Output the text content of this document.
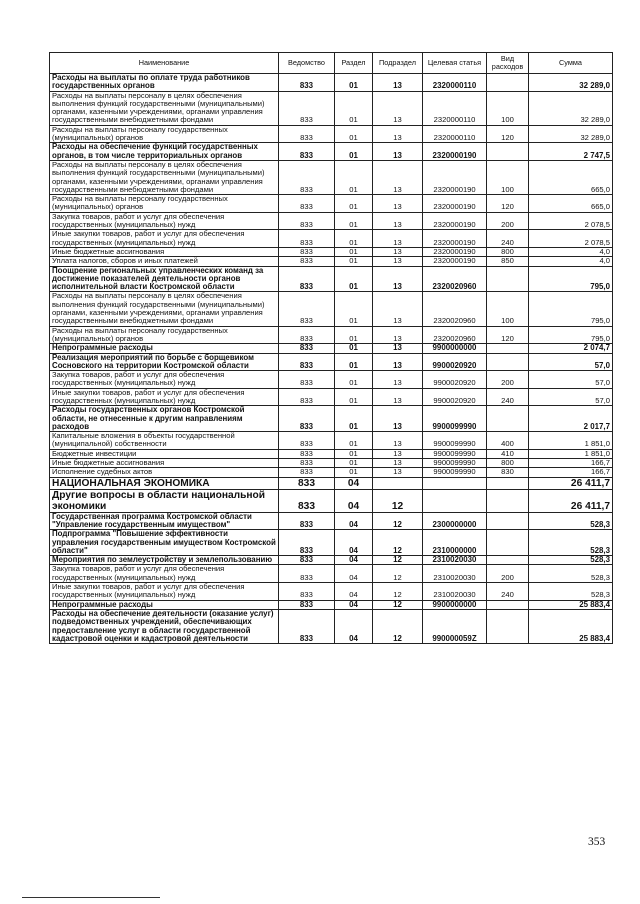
Наименование	Ведомство	Раздел	Подраздел	Целевая статья	Вид расходов	Сумма
Расходы на выплаты по оплате труда работников государственных органов	833	01	13	2320000110		32 289,0
Расходы на выплаты персоналу в целях обеспечения выполнения функций государственными (муниципальными) органами, казенными учреждениями, органами управления государственными внебюджетными фондами	833	01	13	2320000110	100	32 289,0
Расходы на выплаты персоналу государственных (муниципальных) органов	833	01	13	2320000110	120	32 289,0
Расходы на обеспечение функций государственных органов, в том числе территориальных органов	833	01	13	2320000190		2 747,5
Расходы на выплаты персоналу в целях обеспечения выполнения функций государственными (муниципальными) органами, казенными учреждениями, органами управления государственными внебюджетными фондами	833	01	13	2320000190	100	665,0
Расходы на выплаты персоналу государственных (муниципальных) органов	833	01	13	2320000190	120	665,0
Закупка товаров, работ и услуг для обеспечения государственных (муниципальных) нужд	833	01	13	2320000190	200	2 078,5
Иные закупки товаров, работ и услуг для обеспечения государственных (муниципальных) нужд	833	01	13	2320000190	240	2 078,5
Иные бюджетные ассигнования	833	01	13	2320000190	800	4,0
Уплата налогов, сборов и иных платежей	833	01	13	2320000190	850	4,0
Поощрение региональных управленческих команд за достижение показателей деятельности органов исполнительной власти Костромской области	833	01	13	2320020960		795,0
Расходы на выплаты персоналу в целях обеспечения выполнения функций государственными (муниципальными) органами, казенными учреждениями, органами управления государственными внебюджетными фондами	833	01	13	2320020960	100	795,0
Расходы на выплаты персоналу государственных (муниципальных) органов	833	01	13	2320020960	120	795,0
Непрограммные расходы	833	01	13	9900000000		2 074,7
Реализация мероприятий по борьбе с борщевиком Сосновского на территории Костромской области	833	01	13	9900020920		57,0
Закупка товаров, работ и услуг для обеспечения государственных (муниципальных) нужд	833	01	13	9900020920	200	57,0
Иные закупки товаров, работ и услуг для обеспечения государственных (муниципальных) нужд	833	01	13	9900020920	240	57,0
Расходы государственных органов Костромской области, не отнесенные к другим направлениям расходов	833	01	13	9900099990		2 017,7
Капитальные вложения в объекты государственной (муниципальной) собственности	833	01	13	9900099990	400	1 851,0
Бюджетные инвестиции	833	01	13	9900099990	410	1 851,0
Иные бюджетные ассигнования	833	01	13	9900099990	800	166,7
Исполнение судебных актов	833	01	13	9900099990	830	166,7
НАЦИОНАЛЬНАЯ ЭКОНОМИКА	833	04				26 411,7
Другие вопросы в области национальной экономики	833	04	12			26 411,7
Государственная программа Костромской области "Управление государственным имуществом"	833	04	12	2300000000		528,3
Подпрограмма "Повышение эффективности управления государственным имуществом Костромской области"	833	04	12	2310000000		528,3
Мероприятия по землеустройству и землепользованию	833	04	12	2310020030		528,3
Закупка товаров, работ и услуг для обеспечения государственных (муниципальных) нужд	833	04	12	2310020030	200	528,3
Иные закупки товаров, работ и услуг для обеспечения государственных (муниципальных) нужд	833	04	12	2310020030	240	528,3
Непрограммные расходы	833	04	12	9900000000		25 883,4
Расходы на обеспечение деятельности (оказание услуг) подведомственных учреждений, обеспечивающих предоставление услуг в области государственной кадастровой оценки и кадастровой деятельности	833	04	12	990000059Z		25 883,4
353
